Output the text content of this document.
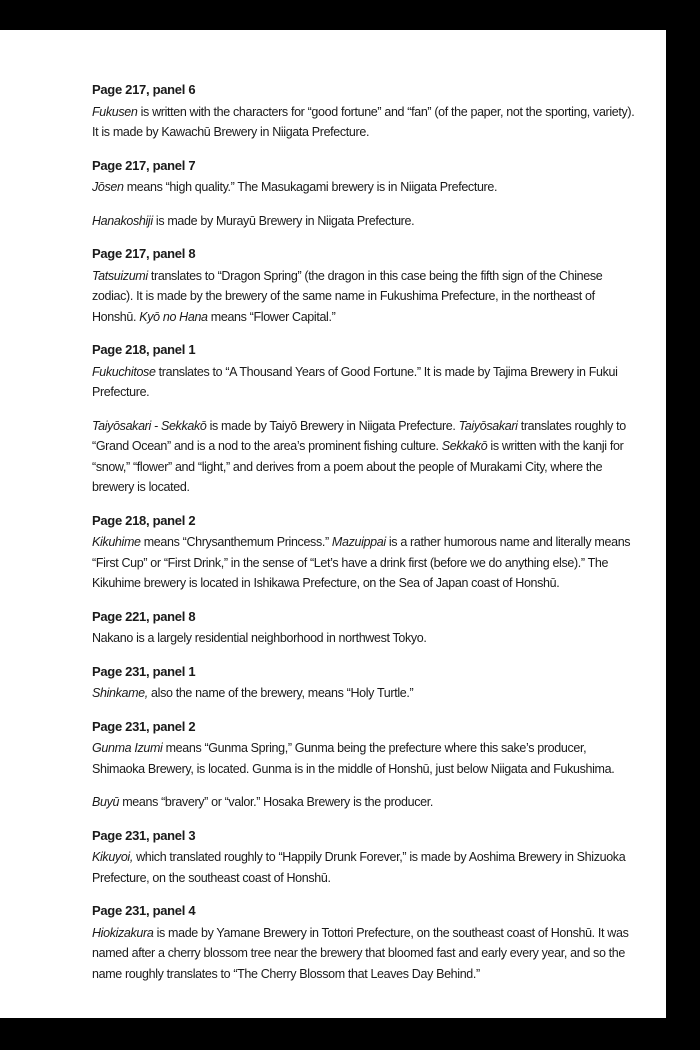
Page 217, panel 6

Fukusen is written with the characters for “good fortune” and “fan” (of the paper, not the sporting, variety). It is made by Kawachū Brewery in Niigata Prefecture.

Page 217, panel 7

Jōsen means “high quality.” The Masukagami brewery is in Niigata Prefecture.

Hanakoshiji is made by Murayū Brewery in Niigata Prefecture.

Page 217, panel 8

Tatsuizumi translates to “Dragon Spring” (the dragon in this case being the fifth sign of the Chinese zodiac). It is made by the brewery of the same name in Fukushima Prefecture, in the northeast of Honshū. Kyō no Hana means “Flower Capital.”

Page 218, panel 1

Fukuchitose translates to “A Thousand Years of Good Fortune.” It is made by Tajima Brewery in Fukui Prefecture.

Taiyōsakari - Sekkakō is made by Taiyō Brewery in Niigata Prefecture. Taiyōsakari translates roughly to “Grand Ocean” and is a nod to the area’s prominent fishing culture. Sekkakō is written with the kanji for “snow,” “flower” and “light,” and derives from a poem about the people of Murakami City, where the brewery is located.

Page 218, panel 2

Kikuhime means “Chrysanthemum Princess.” Mazuippai is a rather humorous name and literally means “First Cup” or “First Drink,” in the sense of “Let’s have a drink first (before we do anything else).” The Kikuhime brewery is located in Ishikawa Prefecture, on the Sea of Japan coast of Honshū.

Page 221, panel 8

Nakano is a largely residential neighborhood in northwest Tokyo.

Page 231, panel 1

Shinkame, also the name of the brewery, means “Holy Turtle.”

Page 231, panel 2

Gunma Izumi means “Gunma Spring,” Gunma being the prefecture where this sake’s producer, Shimaoka Brewery, is located. Gunma is in the middle of Honshū, just below Niigata and Fukushima.

Buyū means “bravery” or “valor.” Hosaka Brewery is the producer.

Page 231, panel 3

Kikuyoi, which translated roughly to “Happily Drunk Forever,” is made by Aoshima Brewery in Shizuoka Prefecture, on the southeast coast of Honshū.

Page 231, panel 4

Hiokizakura is made by Yamane Brewery in Tottori Prefecture, on the southeast coast of Honshū. It was named after a cherry blossom tree near the brewery that bloomed fast and early every year, and so the name roughly translates to “The Cherry Blossom that Leaves Day Behind.”
